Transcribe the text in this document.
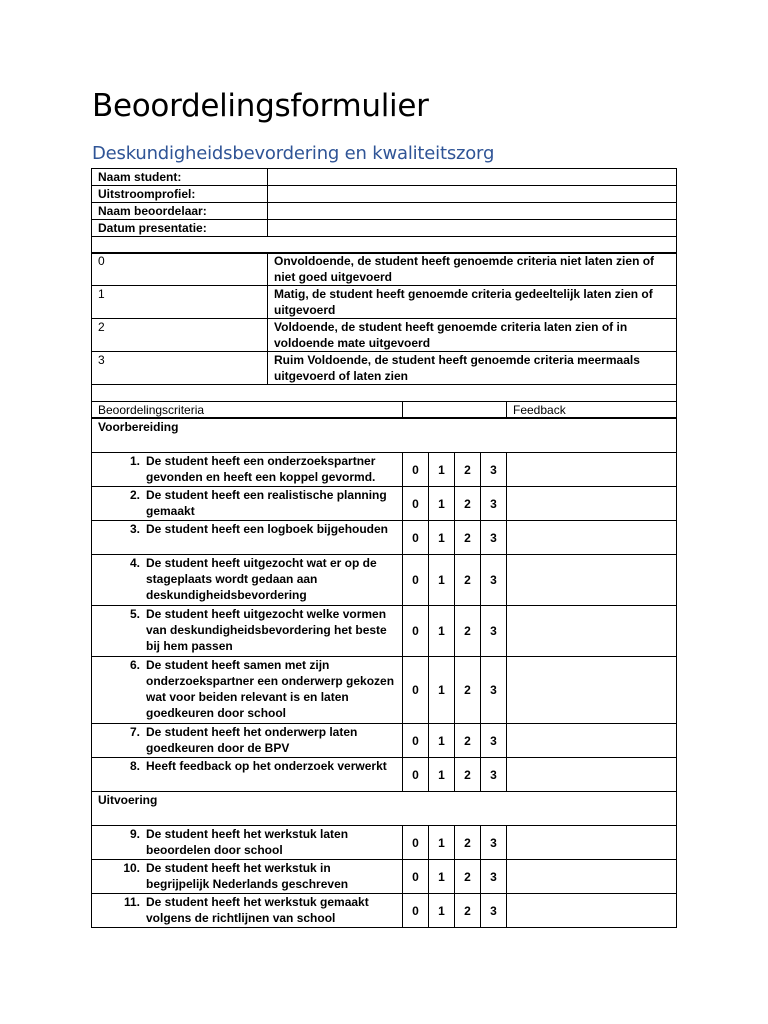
Beoordelingsformulier
Deskundigheidsbevordering en kwaliteitszorg
Naam student:	
Uitstroomprofiel:	
Naam beoordelaar:	
Datum presentatie:	

0	Onvoldoende, de student heeft genoemde criteria niet laten zien of niet goed uitgevoerd
1	Matig, de student heeft genoemde criteria gedeeltelijk laten zien of uitgevoerd
2	Voldoende, de student heeft genoemde criteria laten zien of in voldoende mate uitgevoerd
3	Ruim Voldoende, de student heeft genoemde criteria meermaals uitgevoerd of laten zien

Beoordelingscriteria					Feedback
Voorbereiding					

1. De student heeft een onderzoekspartner gevonden en heeft een koppel gevormd.	0	1	2	3	

2. De student heeft een realistische planning gemaakt	0	1	2	3	

3. De student heeft een logboek bijgehouden	0	1	2	3	

4. De student heeft uitgezocht wat er op de stageplaats wordt gedaan aan deskundigheidsbevordering	0	1	2	3	

5. De student heeft uitgezocht welke vormen van deskundigheidsbevordering het beste bij hem passen	0	1	2	3	

6. De student heeft samen met zijn onderzoekspartner een onderwerp gekozen wat voor beiden relevant is en laten goedkeuren door school	0	1	2	3	

7. De student heeft het onderwerp laten goedkeuren door de BPV	0	1	2	3	

8. Heeft feedback op het onderzoek verwerkt	0	1	2	3	
Uitvoering					

9. De student heeft het werkstuk laten beoordelen door school	0	1	2	3	

10. De student heeft het werkstuk in begrijpelijk Nederlands geschreven	0	1	2	3	

11. De student heeft het werkstuk gemaakt volgens de richtlijnen van school	0	1	2	3	
